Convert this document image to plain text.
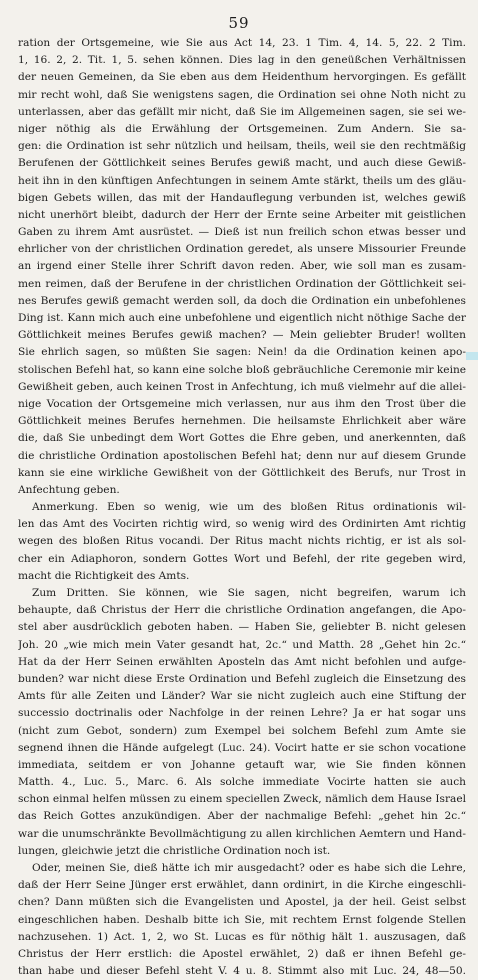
59
ration der Ortsgemeine, wie Sie aus Act 14, 23. 1 Tim. 4, 14. 5, 22. 2 Tim.
1, 16. 2, 2. Tit. 1, 5. sehen können. Dies lag in den geneüßchen Verhältnissen
der neuen Gemeinen, da Sie eben aus dem Heidenthum hervorgingen. Es gefällt
mir recht wohl, daß Sie wenigstens sagen, die Ordination sei ohne Noth nicht zu
unterlassen, aber das gefällt mir nicht, daß Sie im Allgemeinen sagen, sie sei we-
niger nöthig als die Erwählung der Ortsgemeinen. Zum Andern. Sie sa-
gen: die Ordination ist sehr nützlich und heilsam, theils, weil sie den rechtmäßig
Berufenen der Göttlichkeit seines Berufes gewiß macht, und auch diese Gewiß-
heit ihn in den künftigen Anfechtungen in seinem Amte stärkt, theils um des gläu-
bigen Gebets willen, das mit der Handauflegung verbunden ist, welches gewiß
nicht unerhört bleibt, dadurch der Herr der Ernte seine Arbeiter mit geistlichen
Gaben zu ihrem Amt ausrüstet. — Dieß ist nun freilich schon etwas besser und
ehrlicher von der christlichen Ordination geredet, als unsere Missourier Freunde
an irgend einer Stelle ihrer Schrift davon reden. Aber, wie soll man es zusam-
men reimen, daß der Berufene in der christlichen Ordination der Göttlichkeit sei-
nes Berufes gewiß gemacht werden soll, da doch die Ordination ein unbefohlenes
Ding ist. Kann mich auch eine unbefohlene und eigentlich nicht nöthige Sache der
Göttlichkeit meines Berufes gewiß machen? — Mein geliebter Bruder! wollten
Sie ehrlich sagen, so müßten Sie sagen: Nein! da die Ordination keinen apo-
stolischen Befehl hat, so kann eine solche bloß gebräuchliche Ceremonie mir keine
Gewißheit geben, auch keinen Trost in Anfechtung, ich muß vielmehr auf die allei-
nige Vocation der Ortsgemeine mich verlassen, nur aus ihm den Trost über die
Göttlichkeit meines Berufes hernehmen. Die heilsamste Ehrlichkeit aber wäre
die, daß Sie unbedingt dem Wort Gottes die Ehre geben, und anerkennten, daß
die christliche Ordination apostolischen Befehl hat; denn nur auf diesem Grunde
kann sie eine wirkliche Gewißheit von der Göttlichkeit des Berufs, nur Trost in
Anfechtung geben.
Anmerkung. Eben so wenig, wie um des bloßen Ritus ordinationis wil-
len das Amt des Vocirten richtig wird, so wenig wird des Ordinirten Amt richtig
wegen des bloßen Ritus vocandi. Der Ritus macht nichts richtig, er ist als sol-
cher ein Adiaphoron, sondern Gottes Wort und Befehl, der rite gegeben wird,
macht die Richtigkeit des Amts.
Zum Dritten. Sie können, wie Sie sagen, nicht begreifen, warum ich
behaupte, daß Christus der Herr die christliche Ordination angefangen, die Apo-
stel aber ausdrücklich geboten haben. — Haben Sie, geliebter B. nicht gelesen
Joh. 20 „wie mich mein Vater gesandt hat, 2c.“ und Matth. 28 „Gehet hin 2c.“
Hat da der Herr Seinen erwählten Aposteln das Amt nicht befohlen und aufge-
bunden? war nicht diese Erste Ordination und Befehl zugleich die Einsetzung des
Amts für alle Zeiten und Länder? War sie nicht zugleich auch eine Stiftung der
successio doctrinalis oder Nachfolge in der reinen Lehre? Ja er hat sogar uns
(nicht zum Gebot, sondern) zum Exempel bei solchem Befehl zum Amte sie
segnend ihnen die Hände aufgelegt (Luc. 24). Vocirt hatte er sie schon vocatione
immediata, seitdem er von Johanne getauft war, wie Sie finden können
Matth. 4., Luc. 5., Marc. 6. Als solche immediate Vocirte hatten sie auch
schon einmal helfen müssen zu einem speciellen Zweck, nämlich dem Hause Israel
das Reich Gottes anzukündigen. Aber der nachmalige Befehl: „gehet hin 2c.“
war die unumschränkte Bevollmächtigung zu allen kirchlichen Aemtern und Hand-
lungen, gleichwie jetzt die christliche Ordination noch ist.
Oder, meinen Sie, dieß hätte ich mir ausgedacht? oder es habe sich die Lehre,
daß der Herr Seine Jünger erst erwählet, dann ordinirt, in die Kirche eingeschli-
chen? Dann müßten sich die Evangelisten und Apostel, ja der heil. Geist selbst
eingeschlichen haben. Deshalb bitte ich Sie, mit rechtem Ernst folgende Stellen
nachzusehen. 1) Act. 1, 2, wo St. Lucas es für nöthig hält 1. auszusagen, daß
Christus der Herr erstlich: die Apostel erwählet, 2) daß er ihnen Befehl ge-
than habe und dieser Befehl steht V. 4 u. 8. Stimmt also mit Luc. 24, 48—50.
